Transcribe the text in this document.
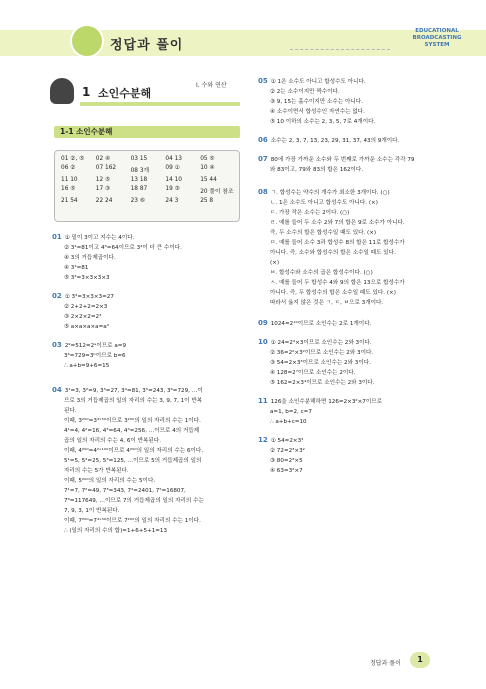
정답과 풀이
EDUCATIONAL
BROADCASTING
SYSTEM
1 소인수분해
Ⅰ. 수와 연산
1-1 소인수분해
01 ②, ⑤	02 ④	03 15	04 13	05 ⑤
06 ②	07 162	08 3개	09 ①	10 ④
11 10	12 ⑤	13 18	14 10	15 44
16 ⑤	17 ③	18 87	19 ③	20 풀이 참조
21 54	22 24	23 ⑥	24 3	25 8
01 ① 밑이 3이고 지수는 4이다.
② 3⁴=81이고 4³=64이므로 3⁴이 더 큰 수이다.
④ 3의 거듭제곱이다.
④ 3⁴=81
⑤ 3⁴=3×3×3×3
02 ① 3³=3×3×3=27
② 2+2+2=2×3
③ 2×2×2=2³
⑤ a×a×a×a=a⁴
03 2⁹=512=2ᵃ이므로 a=9
3⁶=729=3ᵇ이므로 b=6
∴ a+b=9+6=15
04 3¹=3, 3²=9, 3³=27, 3⁴=81, 3⁵=243, 3⁶=729, …이
므로 3의 거듭제곱의 일의 자리의 수는 3, 9, 7, 1이 반복
된다.
이때, 3²⁰⁰=3⁴ˣ⁵⁰이므로 3²⁰⁰의 일의 자리의 수는 1이다.
4¹=4, 4²=16, 4³=64, 4⁴=256, …이므로 4의 거듭제
곱의 일의 자리의 수는 4, 6이 반복된다.
이때, 4²⁰⁰=4²ˣ¹⁰⁰이므로 4²⁰⁰의 일의 자리의 수는 6이다.
5¹=5, 5²=25, 5³=125, …이므로 5의 거듭제곱의 일의
자리의 수는 5가 반복된다.
이때, 5²⁰⁰의 일의 자리의 수는 5이다.
7¹=7, 7²=49, 7³=343, 7⁴=2401, 7⁵=16807,
7⁶=117649, …이므로 7의 거듭제곱의 일의 자리의 수는
7, 9, 3, 1이 반복된다.
이때, 7²⁰⁰=7⁴ˣ⁵⁰이므로 7²⁰⁰의 일의 자리의 수는 1이다.
∴ (일의 자리의 수의 합)=1+6+5+1=13
05 ① 1은 소수도 아니고 합성수도 아니다.
② 2는 소수이지만 짝수이다.
③ 9, 15는 홀수이지만 소수는 아니다.
④ 소수이면서 합성수인 자연수는 없다.
⑤ 10 이하의 소수는 2, 3, 5, 7로 4개이다.
06 소수는 2, 3, 7, 13, 23, 29, 31, 37, 43의 9개이다.
07 80에 가장 가까운 소수와 두 번째로 가까운 소수는 각각 79
와 83이고, 79와 83의 합은 162이다.
08 ㄱ. 합성수는 약수의 개수가 최소한 3개이다. (○)
ㄴ. 1은 소수도 아니고 합성수도 아니다. (×)
ㄷ. 가장 작은 소수는 2이다. (○)
ㄹ. 예를 들어 두 소수 2와 7의 합은 9로 소수가 아니다.
즉, 두 소수의 합은 합성수일 때도 있다. (×)
ㅁ. 예를 들어 소수 3과 합성수 8의 합은 11로 합성수가
아니다. 즉, 소수와 합성수의 합은 소수일 때도 있다.
(×)
ㅂ. 합성수와 소수의 곱은 합성수이다. (○)
ㅅ. 예를 들어 두 합성수 4와 9의 합은 13으로 합성수가
아니다. 즉, 두 합성수의 합은 소수일 때도 있다. (×)
따라서 옳지 않은 것은 ㄱ, ㄷ, ㅂ으로 3개이다.
09 1024=2¹⁰이므로 소인수는 2로 1개이다.
10 ① 24=2³×3이므로 소인수는 2와 3이다.
② 36=2²×3²이므로 소인수는 2와 3이다.
③ 54=2×3³이므로 소인수는 2와 3이다.
④ 128=2⁷이므로 소인수는 2이다.
⑤ 162=2×3⁴이므로 소인수는 2와 3이다.
11 126을 소인수분해하면 126=2×3²×7이므로
a=1, b=2, c=7
∴ a+b+c=10
12 ① 54=2×3³
② 72=2³×3²
③ 80=2⁴×5
④ 63=3²×7
정답과 풀이	1
